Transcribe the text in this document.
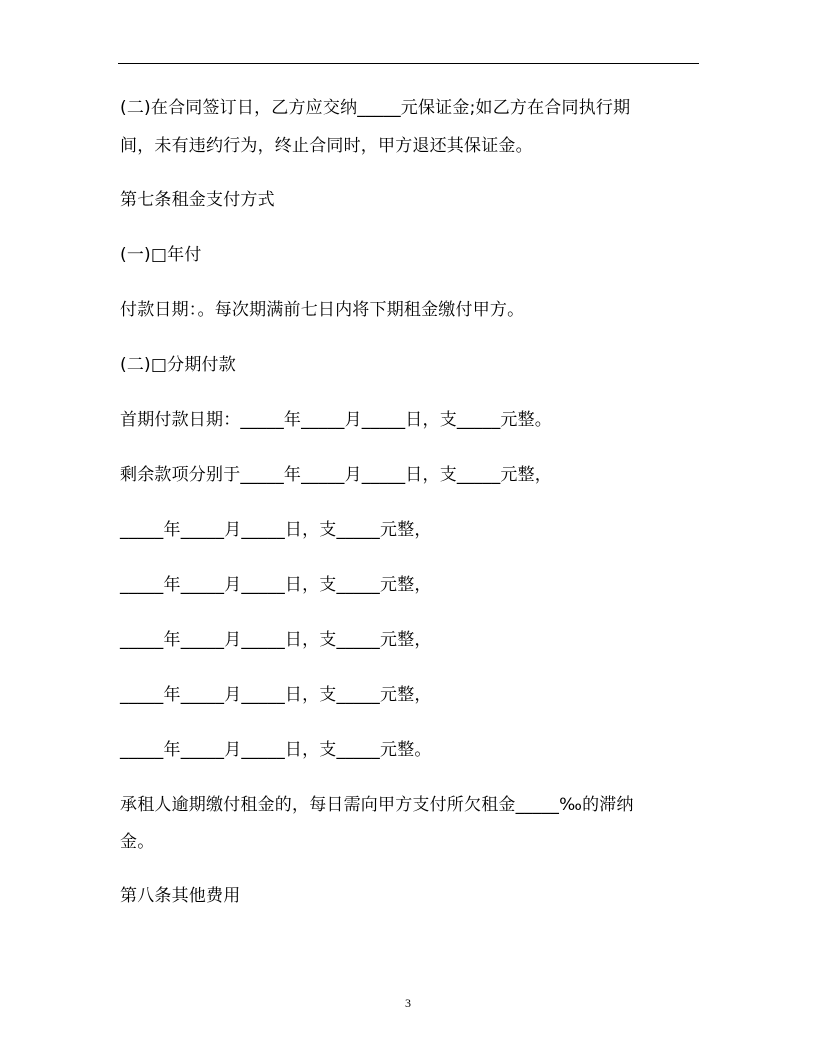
(二)在合同签订日，乙方应交纳_____元保证金;如乙方在合同执行期
间，未有违约行为，终止合同时，甲方退还其保证金。
第七条租金支付方式
(一)□年付
付款日期：。每次期满前七日内将下期租金缴付甲方。
(二)□分期付款
首期付款日期：_____年_____月_____日，支_____元整。
剩余款项分别于_____年_____月_____日，支_____元整，
_____年_____月_____日，支_____元整，
_____年_____月_____日，支_____元整，
_____年_____月_____日，支_____元整，
_____年_____月_____日，支_____元整，
_____年_____月_____日，支_____元整。
承租人逾期缴付租金的，每日需向甲方支付所欠租金_____‰的滞纳
金。
第八条其他费用
3
